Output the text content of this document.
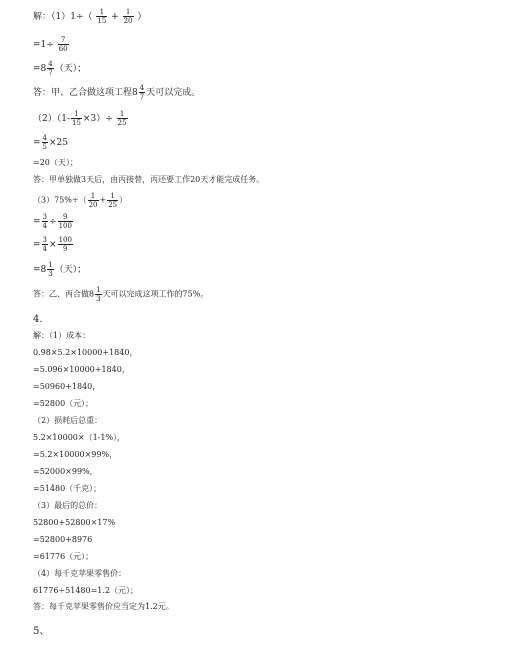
解：$(1)1\div( \frac{1}{15} + \frac{1}{20}$ ）
$=1\div \frac{7}{60}$
$=8 \frac{4}{7}$ （天）；
答：甲、乙合做这项工程$8 \frac{4}{7}$ 天可以完成。
$(2)(1- \frac{1}{15} \times 3)\div \frac{1}{25}$
= $\frac{4}{5} \times 25$
=20（天）；
答：甲单独做3天后，由丙接替，丙还要工作20天才能完成任务。
$(3)75\%\div( \frac{1}{20} + \frac{1}{25}$ ）
= $\frac{3}{4} \div \frac{9}{100}$
= $\frac{3}{4} \times \frac{100}{9}$
$=8 \frac{1}{3}$ （天）；
答：乙、丙合做$8 \frac{1}{3}$ 天可以完成这项工作的75%。
4.
解：（1）成本：
0.98×5.2×10000+1840，
=5.096×10000+1840，
=50960+1840，
=52800（元）；
（2）损耗后总重：
5.2×10000×（1-1%），
=5.2×10000×99%，
=52000×99%，
=51480（千克）；
（3）最后的总价：
52800+52800×17%
=52800+8976
=61776（元）；
（4）每千克苹果零售价：
61776÷51480=1.2（元）；
答：每千克苹果零售价应当定为1.2元。
5、
